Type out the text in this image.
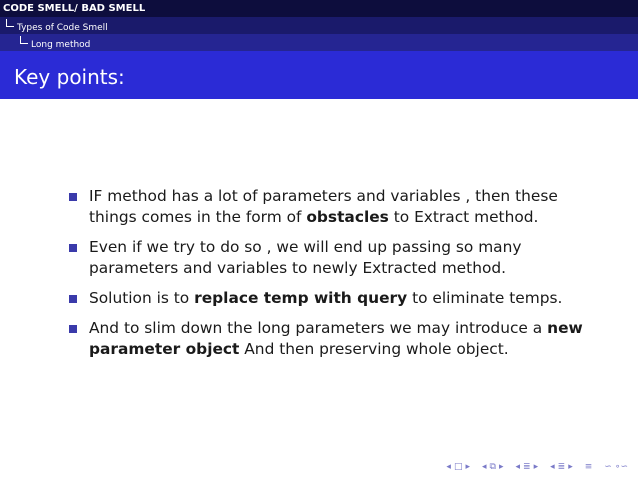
CODE SMELL/ BAD SMELL
Types of Code Smell
Long method
Key points:
IF method has a lot of parameters and variables , then these things comes in the form of obstacles to Extract method.
Even if we try to do so , we will end up passing so many parameters and variables to newly Extracted method.
Solution is to replace temp with query to eliminate temps.
And to slim down the long parameters we may introduce a new parameter object And then preserving whole object.
◂ □ ▸ ◂ ⧉ ▸ ◂ ≣ ▸ ◂ ≣ ▸ ≡ ∽ ∘∽
